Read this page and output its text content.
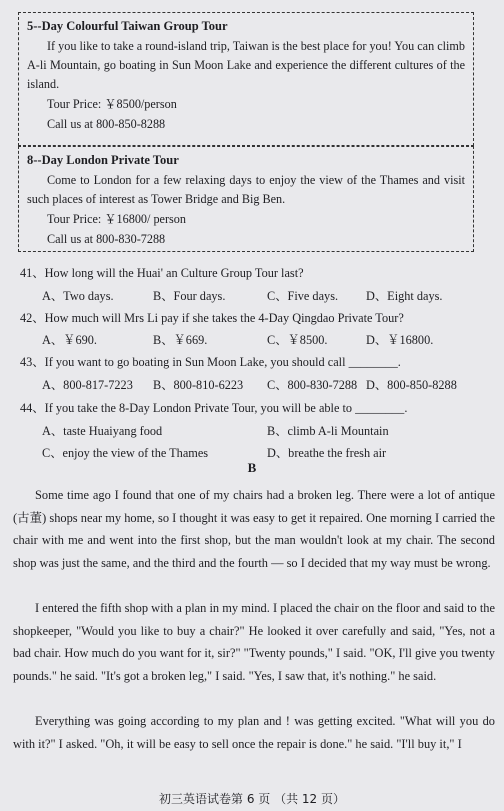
5--Day Colourful Taiwan Group Tour

If you like to take a round-island trip, Taiwan is the best place for you! You can climb A-li Mountain, go boating in Sun Moon Lake and experience the different cultures of the island.

Tour Price: ￥8500/person
Call us at 800-850-8288
8--Day London Private Tour

Come to London for a few relaxing days to enjoy the view of the Thames and visit such places of interest as Tower Bridge and Big Ben.

Tour Price: ￥16800/ person
Call us at 800-830-7288
41、How long will the Huai' an Culture Group Tour last?
A、Two days.	B、Four days.	C、Five days. D、Eight days.
42、How much will Mrs Li pay if she takes the 4-Day Qingdao Private Tour?
A、￥690.	B、￥669.	C、￥8500.	D、￥16800.
43、If you want to go boating in Sun Moon Lake, you should call ________.
A、800-817-7223 B、800-810-6223 C、800-830-7288 D、800-850-8288
44、If you take the 8-Day London Private Tour, you will be able to ________.
A、taste Huaiyang food	B、climb A-li Mountain
C、enjoy the view of the Thames	D、breathe the fresh air
B

Some time ago I found that one of my chairs had a broken leg. There were a lot of antique (古董) shops near my home, so I thought it was easy to get it repaired. One morning I carried the chair with me and went into the first shop, but the man wouldn't look at my chair. The second shop was just the same, and the third and the fourth — so I decided that my way must be wrong.

I entered the fifth shop with a plan in my mind. I placed the chair on the floor and said to the shopkeeper, "Would you like to buy a chair?" He looked it over carefully and said, "Yes, not a bad chair. How much do you want for it, sir?" "Twenty pounds," I said. "OK, I'll give you twenty pounds." he said. "It's got a broken leg," I said. "Yes, I saw that, it's nothing." he said.

Everything was going according to my plan and ! was getting excited. "What will you do with it?" I asked. "Oh, it will be easy to sell once the repair is done." he said. "I'll buy it," I

初三英语试卷第 6 页 （共 12 页）
